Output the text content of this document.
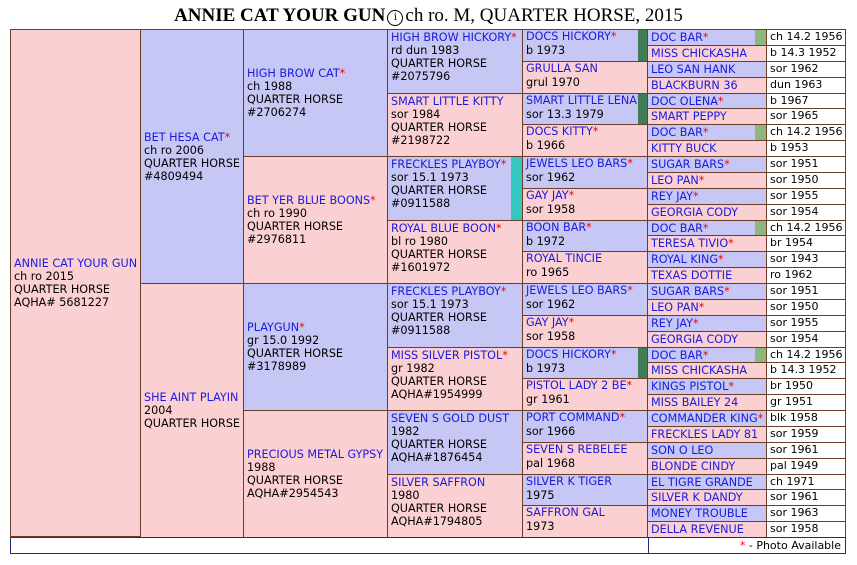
ANNIE CAT YOUR GUN i ch ro. M, QUARTER HORSE, 2015
ANNIE CAT YOUR GUN
ch ro 2015
QUARTER HORSE
AQHA# 5681227
BET HESA CAT*
ch ro 2006
QUARTER HORSE
#4809494
SHE AINT PLAYIN
2004
QUARTER HORSE
HIGH BROW CAT*
ch 1988
QUARTER HORSE
#2706274
BET YER BLUE BOONS*
ch ro 1990
QUARTER HORSE
#2976811
PLAYGUN*
gr 15.0 1992
QUARTER HORSE
#3178989
PRECIOUS METAL GYPSY
1988
QUARTER HORSE
AQHA#2954543
HIGH BROW HICKORY*
rd dun 1983
QUARTER HORSE
#2075796
SMART LITTLE KITTY
sor 1984
QUARTER HORSE
#2198722
FRECKLES PLAYBOY*
sor 15.1 1973
QUARTER HORSE
#0911588
ROYAL BLUE BOON*
bl ro 1980
QUARTER HORSE
#1601972
FRECKLES PLAYBOY*
sor 15.1 1973
QUARTER HORSE
#0911588
MISS SILVER PISTOL*
gr 1982
QUARTER HORSE
AQHA#1954999
SEVEN S GOLD DUST
1982
QUARTER HORSE
AQHA#1876454
SILVER SAFFRON
1980
QUARTER HORSE
AQHA#1794805
DOCS HICKORY*
b 1973
GRULLA SAN
grul 1970
SMART LITTLE LENA
sor 13.3 1979
DOCS KITTY*
b 1966
JEWELS LEO BARS*
sor 1962
GAY JAY*
sor 1958
BOON BAR*
b 1972
ROYAL TINCIE
ro 1965
JEWELS LEO BARS*
sor 1962
GAY JAY*
sor 1958
DOCS HICKORY*
b 1973
PISTOL LADY 2 BE*
gr 1961
PORT COMMAND*
sor 1966
SEVEN S REBELEE
pal 1968
SILVER K TIGER
1975
SAFFRON GAL
1973
DOC BAR*	ch 14.2 1956
MISS CHICKASHA	b 14.3 1952
LEO SAN HANK	sor 1962
BLACKBURN 36	dun 1963
DOC OLENA*	b 1967
SMART PEPPY	sor 1965
DOC BAR*	ch 14.2 1956
KITTY BUCK	b 1953
SUGAR BARS*	sor 1951
LEO PAN*	sor 1950
REY JAY*	sor 1955
GEORGIA CODY	sor 1954
DOC BAR*	ch 14.2 1956
TERESA TIVIO*	br 1954
ROYAL KING*	sor 1943
TEXAS DOTTIE	ro 1962
SUGAR BARS*	sor 1951
LEO PAN*	sor 1950
REY JAY*	sor 1955
GEORGIA CODY	sor 1954
DOC BAR*	ch 14.2 1956
MISS CHICKASHA	b 14.3 1952
KINGS PISTOL*	br 1950
MISS BAILEY 24	gr 1951
COMMANDER KING* blk 1958
FRECKLES LADY 81	sor 1959
SON O LEO	sor 1961
BLONDE CINDY	pal 1949
EL TIGRE GRANDE	ch 1971
SILVER K DANDY	sor 1961
MONEY TROUBLE	sor 1963
DELLA REVENUE	sor 1958
* - Photo Available
